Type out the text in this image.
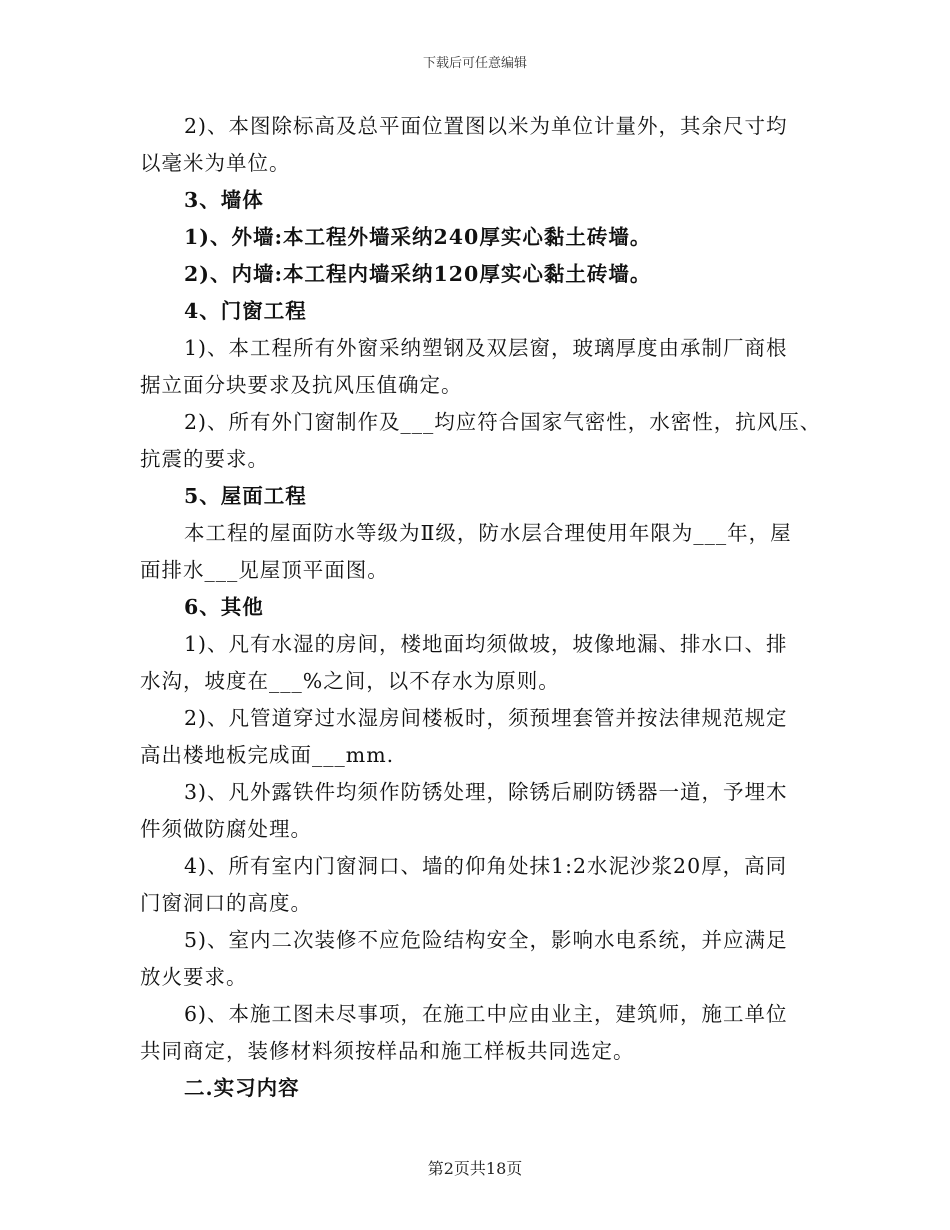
下载后可任意编辑
2)、本图除标高及总平面位置图以米为单位计量外，其余尺寸均
以毫米为单位。
3、墙体
1)、外墙:本工程外墙采纳240厚实心黏土砖墙。
2)、内墙:本工程内墙采纳120厚实心黏土砖墙。
4、门窗工程
1)、本工程所有外窗采纳塑钢及双层窗，玻璃厚度由承制厂商根
据立面分块要求及抗风压值确定。
2)、所有外门窗制作及___均应符合国家气密性，水密性，抗风压、
抗震的要求。
5、屋面工程
本工程的屋面防水等级为Ⅱ级，防水层合理使用年限为___年，屋
面排水___见屋顶平面图。
6、其他
1)、凡有水湿的房间，楼地面均须做坡，坡像地漏、排水口、排
水沟，坡度在___%之间，以不存水为原则。
2)、凡管道穿过水湿房间楼板时，须预埋套管并按法律规范规定
高出楼地板完成面___mm.
3)、凡外露铁件均须作防锈处理，除锈后刷防锈器一道，予埋木
件须做防腐处理。
4)、所有室内门窗洞口、墙的仰角处抹1:2水泥沙浆20厚，高同
门窗洞口的高度。
5)、室内二次装修不应危险结构安全，影响水电系统，并应满足
放火要求。
6)、本施工图未尽事项，在施工中应由业主，建筑师，施工单位
共同商定，装修材料须按样品和施工样板共同选定。
二.实习内容
第2页共18页
